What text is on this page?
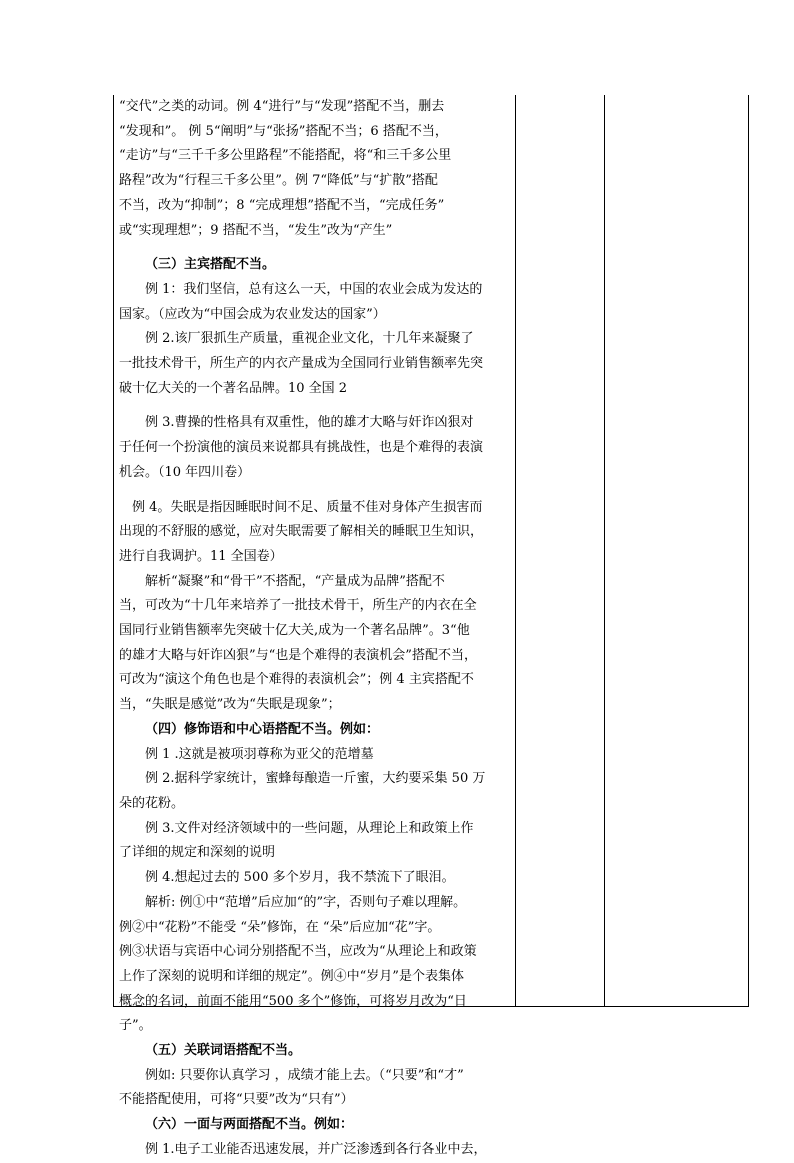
“交代”之类的动词。例 4“进行”与“发现”搭配不当，删去

“发现和”。 例 5“阐明”与“张扬”搭配不当；6 搭配不当，

“走访”与“三千千多公里路程”不能搭配，将“和三千多公里

路程”改为“行程三千多公里”。例 7“降低”与“扩散”搭配

不当，改为“抑制”；8 “完成理想”搭配不当，“完成任务”

或“实现理想”；9 搭配不当，“发生”改为“产生”

（三）主宾搭配不当。

例 1：我们坚信，总有这么一天，中国的农业会成为发达的

国家。（应改为“中国会成为农业发达的国家”）

例 2.该厂狠抓生产质量，重视企业文化，十几年来凝聚了

一批技术骨干，所生产的内衣产量成为全国同行业销售额率先突

破十亿大关的一个著名品牌。10 全国 2

例 3.曹操的性格具有双重性，他的雄才大略与奸诈凶狠对

于任何一个扮演他的演员来说都具有挑战性，也是个难得的表演

机会。（10 年四川卷）

例 4。失眠是指因睡眠时间不足、质量不佳对身体产生损害而

出现的不舒服的感觉，应对失眠需要了解相关的睡眠卫生知识，

进行自我调护。11 全国卷）

解析“凝聚”和“骨干”不搭配，“产量成为品牌”搭配不

当，可改为“十几年来培养了一批技术骨干，所生产的内衣在全

国同行业销售额率先突破十亿大关,成为一个著名品牌”。3“他

的雄才大略与奸诈凶狠”与“也是个难得的表演机会”搭配不当，

可改为“演这个角色也是个难得的表演机会”；例 4 主宾搭配不

当，“失眠是感觉”改为“失眠是现象”；

（四）修饰语和中心语搭配不当。例如：

例 1 .这就是被项羽尊称为亚父的范增墓

例 2.据科学家统计，蜜蜂每酿造一斤蜜，大约要采集 50 万

朵的花粉。

例 3.文件对经济领域中的一些问题，从理论上和政策上作

了详细的规定和深刻的说明

例 4.想起过去的 500 多个岁月，我不禁流下了眼泪。

解析: 例①中“范增”后应加“的”字，否则句子难以理解。

例②中“花粉”不能受 “朵”修饰，在 “朵”后应加“花”字。

例③状语与宾语中心词分别搭配不当，应改为“从理论上和政策

上作了深刻的说明和详细的规定”。例④中“岁月”是个表集体

概念的名词，前面不能用“500 多个”修饰，可将岁月改为“日

子”。

（五）关联词语搭配不当。

例如: 只要你认真学习 ，成绩才能上去。（“只要”和“才”

不能搭配使用，可将“只要”改为“只有”）

（六）一面与两面搭配不当。例如：

例 1.电子工业能否迅速发展，并广泛渗透到各行各业中去，
